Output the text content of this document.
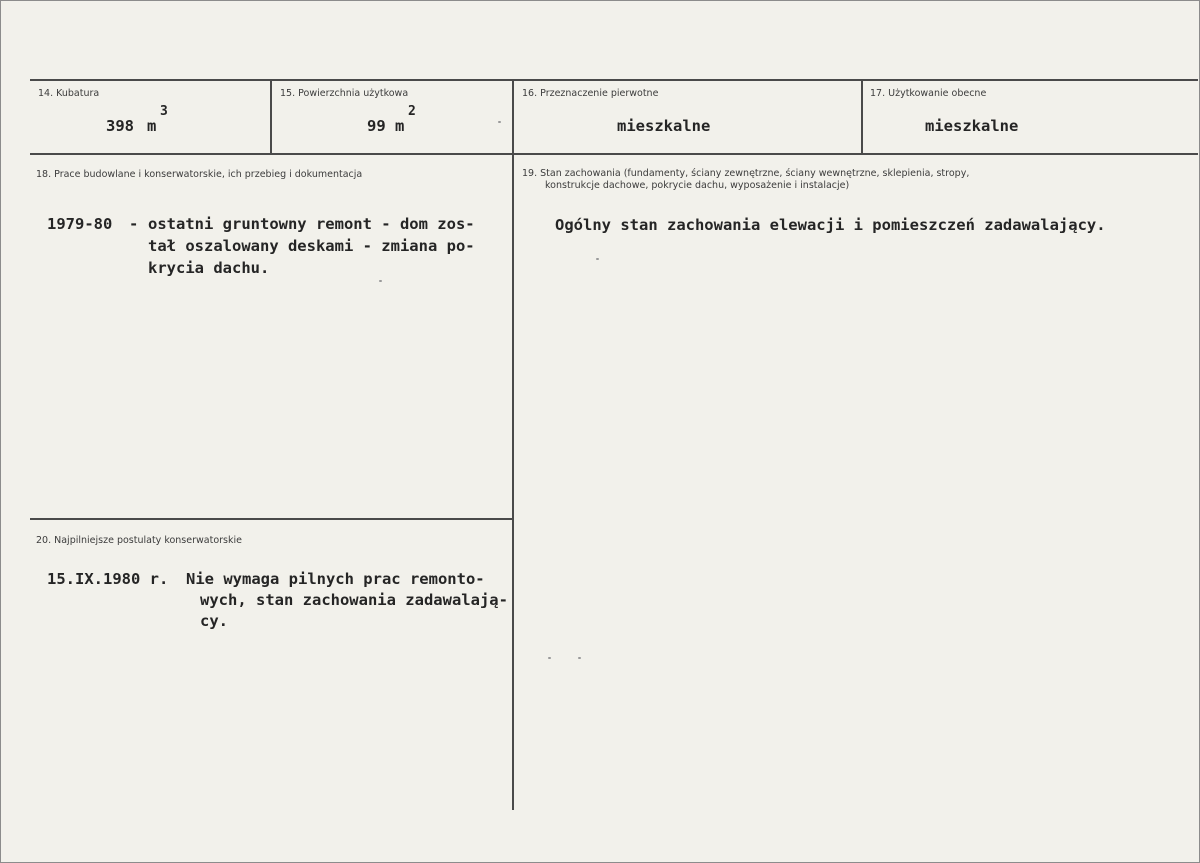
14. Kubatura
398 m
3
15. Powierzchnia użytkowa
99 m
2
16. Przeznaczenie pierwotne
mieszkalne
17. Użytkowanie obecne
mieszkalne
18. Prace budowlane i konserwatorskie, ich przebieg i dokumentacja
1979-80 - ostatni gruntowny remont - dom zos-
tał oszalowany deskami - zmiana po-
krycia dachu.
19. Stan zachowania (fundamenty, ściany zewnętrzne, ściany wewnętrzne, sklepienia, stropy,
konstrukcje dachowe, pokrycie dachu, wyposażenie i instalacje)
Ogólny stan zachowania elewacji i pomieszczeń zadawalający.
20. Najpilniejsze postulaty konserwatorskie
15.IX.1980 r. Nie wymaga pilnych prac remonto-
wych, stan zachowania zadawalają-
cy.
